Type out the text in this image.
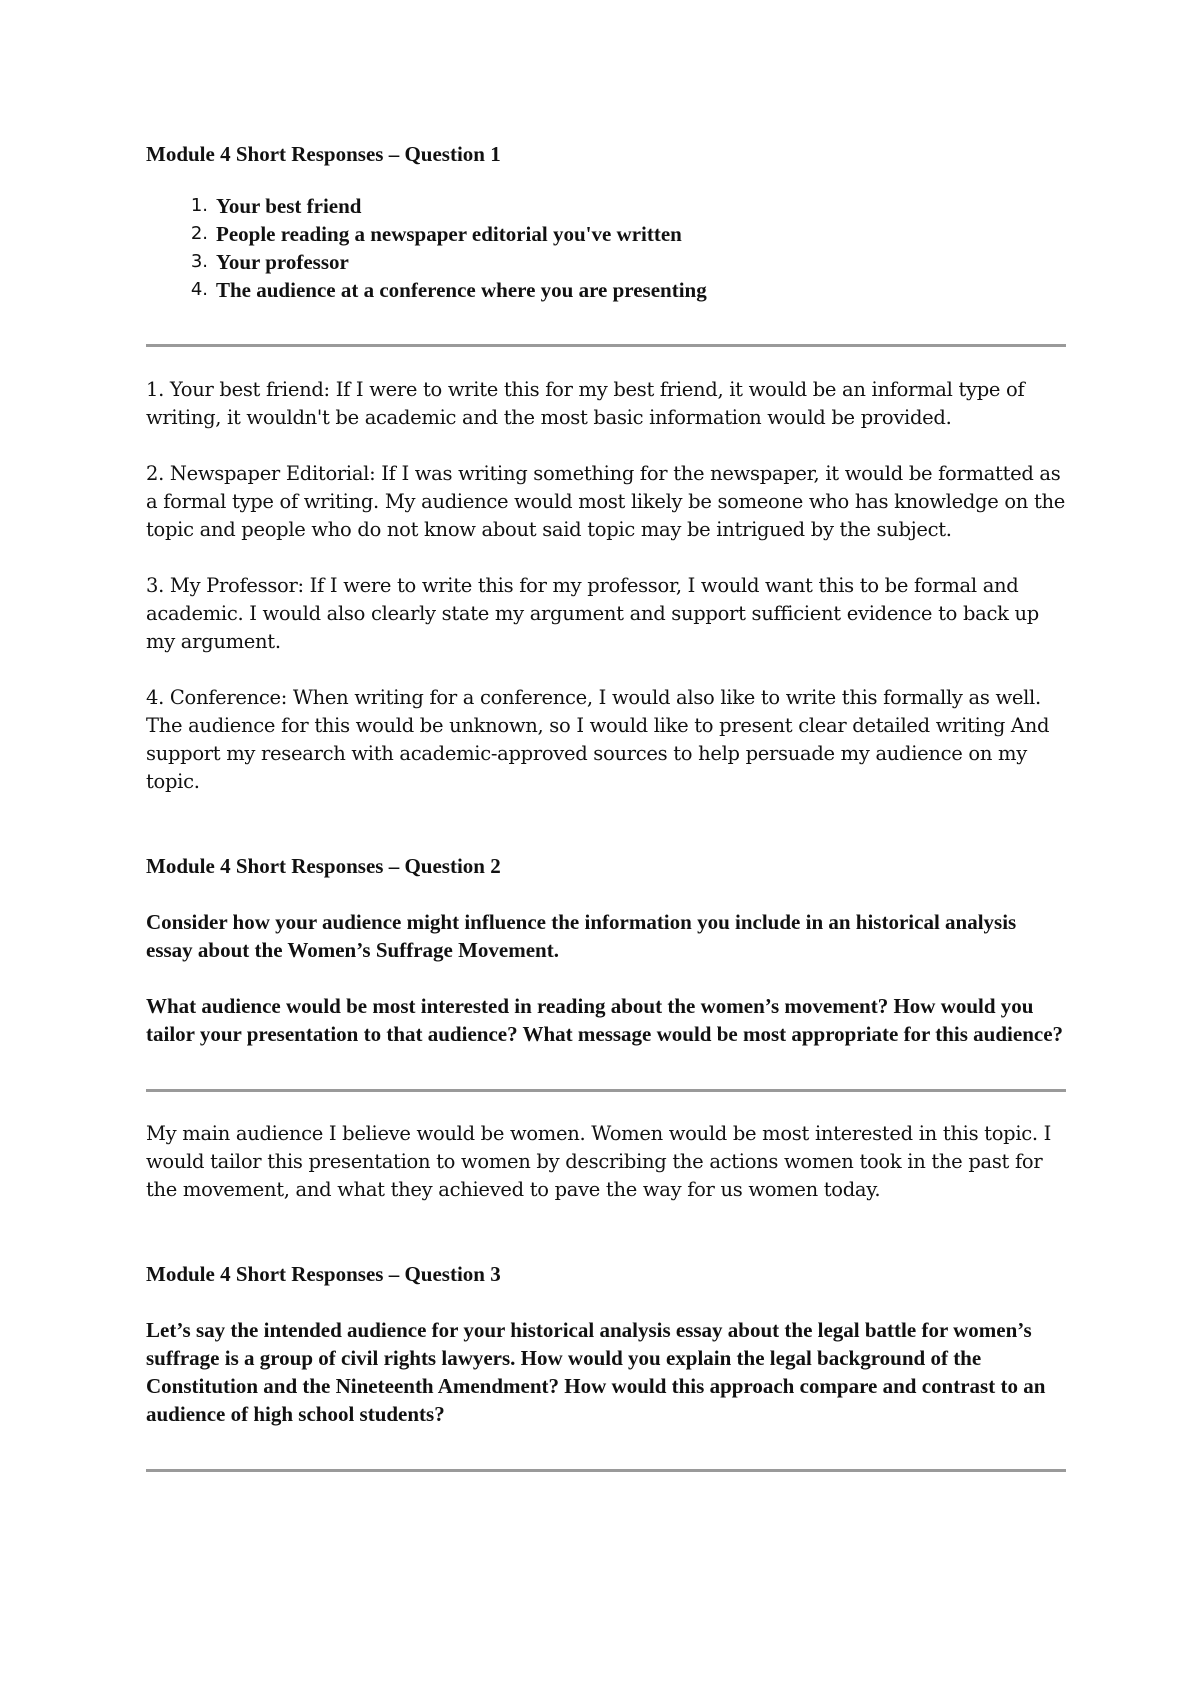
Module 4 Short Responses – Question 1
1. Your best friend
2. People reading a newspaper editorial you've written
3. Your professor
4. The audience at a conference where you are presenting

1. Your best friend: If I were to write this for my best friend, it would be an informal type of writing, it wouldn't be academic and the most basic information would be provided.

2. Newspaper Editorial: If I was writing something for the newspaper, it would be formatted as a formal type of writing. My audience would most likely be someone who has knowledge on the topic and people who do not know about said topic may be intrigued by the subject.

3. My Professor: If I were to write this for my professor, I would want this to be formal and academic. I would also clearly state my argument and support sufficient evidence to back up my argument.

4. Conference: When writing for a conference, I would also like to write this formally as well. The audience for this would be unknown, so I would like to present clear detailed writing And support my research with academic-approved sources to help persuade my audience on my topic.

Module 4 Short Responses – Question 2

Consider how your audience might influence the information you include in an historical analysis essay about the Women’s Suffrage Movement.

What audience would be most interested in reading about the women’s movement? How would you tailor your presentation to that audience? What message would be most appropriate for this audience?

My main audience I believe would be women. Women would be most interested in this topic. I would tailor this presentation to women by describing the actions women took in the past for the movement, and what they achieved to pave the way for us women today.

Module 4 Short Responses – Question 3

Let’s say the intended audience for your historical analysis essay about the legal battle for women’s suffrage is a group of civil rights lawyers. How would you explain the legal background of the Constitution and the Nineteenth Amendment? How would this approach compare and contrast to an audience of high school students?
